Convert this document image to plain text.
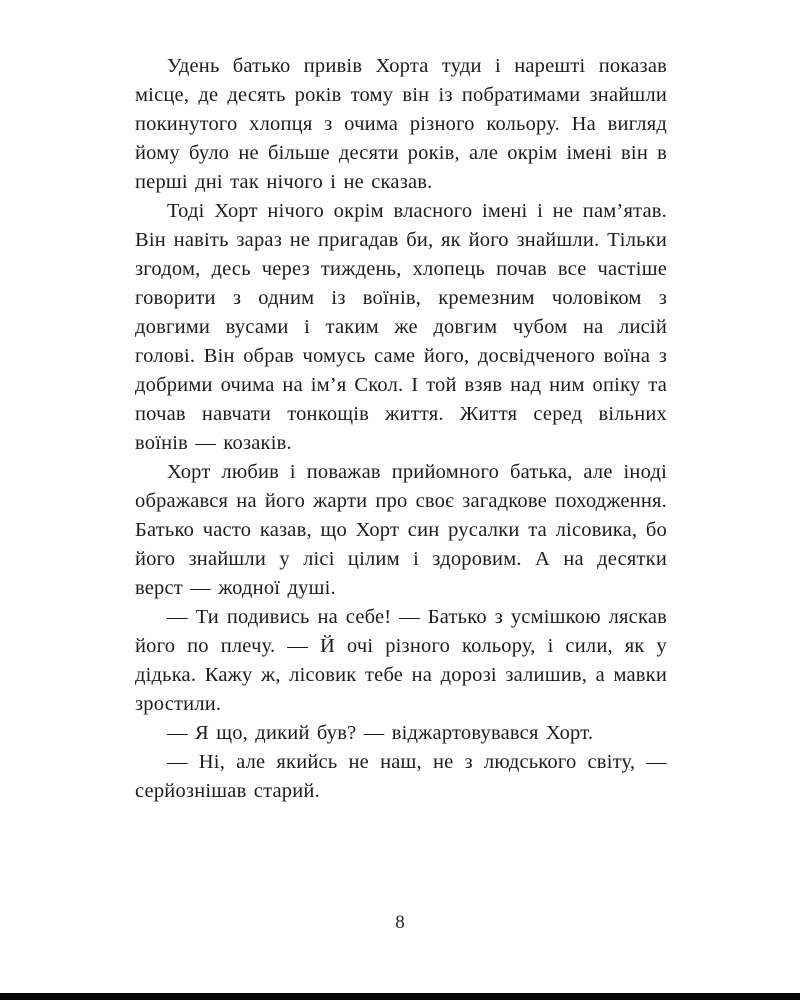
Удень батько привів Хорта туди і нарешті показав місце, де десять років тому він із побратимами знайшли покинутого хлопця з очима різного кольору. На вигляд йому було не більше десяти років, але окрім імені він в перші дні так нічого і не сказав.

Тоді Хорт нічого окрім власного імені і не пам’ятав. Він навіть зараз не пригадав би, як його знайшли. Тільки згодом, десь через тиждень, хлопець почав все частіше говорити з одним із воїнів, кремезним чоловіком з довгими вусами і таким же довгим чубом на лисій голові. Він обрав чомусь саме його, досвідченого воїна з добрими очима на ім’я Скол. І той взяв над ним опіку та почав навчати тонкощів життя. Життя серед вільних воїнів — козаків.

Хорт любив і поважав прийомного батька, але іноді ображався на його жарти про своє загадкове походження. Батько часто казав, що Хорт син русалки та лісовика, бо його знайшли у лісі цілим і здоровим. А на десятки верст — жодної душі.

— Ти подивись на себе! — Батько з усмішкою ляскав його по плечу. — Й очі різного кольору, і сили, як у дідька. Кажу ж, лісовик тебе на дорозі залишив, а мавки зростили.

— Я що, дикий був? — віджартовувався Хорт.

— Ні, але якийсь не наш, не з людського світу, — серйознішав старий.

8
